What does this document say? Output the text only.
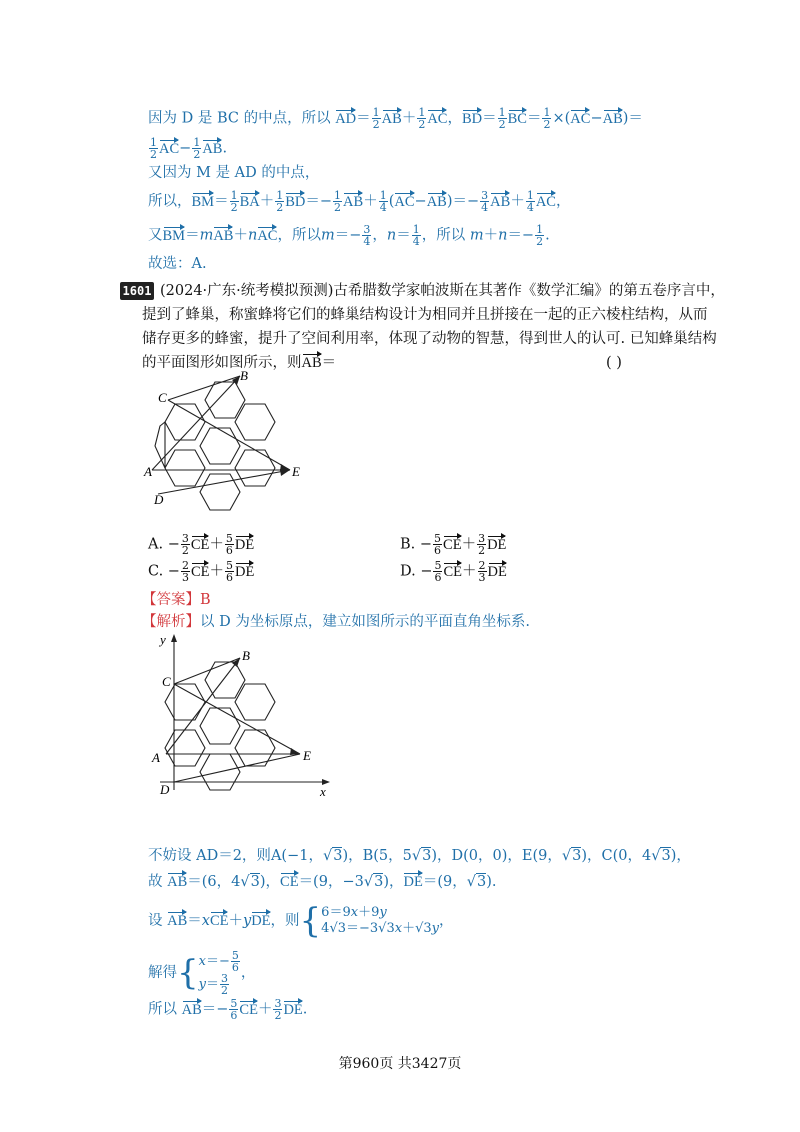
因为 D 是 BC 的中点，所以 $AD= \frac{1}{2} AB+ \frac{1}{2}$ AC，$BD= \frac{1}{2} BC= \frac{1}{2} \times(AC-AB)=$
$\frac{1}{2} AC- \frac{1}{2}$ AB.
又因为 M 是 AD 的中点，
所以，$BM= \frac{1}{2} BA+ \frac{1}{2} BD=- \frac{1}{2} AB+ \frac{1}{4} (AC-AB)=- \frac{3}{4} AB+ \frac{1}{4}$ AC，
又BM＝mAB＋nAC，所以$m=- \frac{3}{4}$ ，$n= \frac{1}{4}$ ，所以 $m+n=- \frac{1}{2}$ .
故选：A.
1601 (2024·广东·统考模拟预测)古希腊数学家帕波斯在其著作《数学汇编》的第五卷序言中，
提到了蜂巢，称蜜蜂将它们的蜂巢结构设计为相同并且拼接在一起的正六棱柱结构，从而
储存更多的蜂蜜，提升了空间利用率，体现了动物的智慧，得到世人的认可. 已知蜂巢结构
的平面图形如图所示，则AB＝	( )
B
C
A
D
E
A. − $\frac{3}{2} CE+ \frac{5}{6}$ DE	B. − $\frac{5}{6} CE+ \frac{3}{2}$ DE
C. − $\frac{2}{3} CE+ \frac{5}{6}$ DE	D. − $\frac{5}{6} CE+ \frac{2}{3}$ DE
【答案】B
【解析】以 D 为坐标原点，建立如图所示的平面直角坐标系.
B
C
A
D
E
x
y
不妨设 AD＝2，则A(−1，√3)，B(5，5√3)，D(0，0)，E(9，√3)，C(0，4√3)，
故 AB＝(6，4√3)，CE＝(9，−3√3)，DE＝(9，√3).
设 AB＝xCE＋yDE，则{ 6＝9x＋9y
4√3＝−3√3x＋√3y ，
解得{ $x=- \frac{5}{6}$
$y= \frac{3}{2}$ ，
所以 $AB=- \frac{5}{6} CE+ \frac{3}{2}$ DE.
第960页 共3427页
